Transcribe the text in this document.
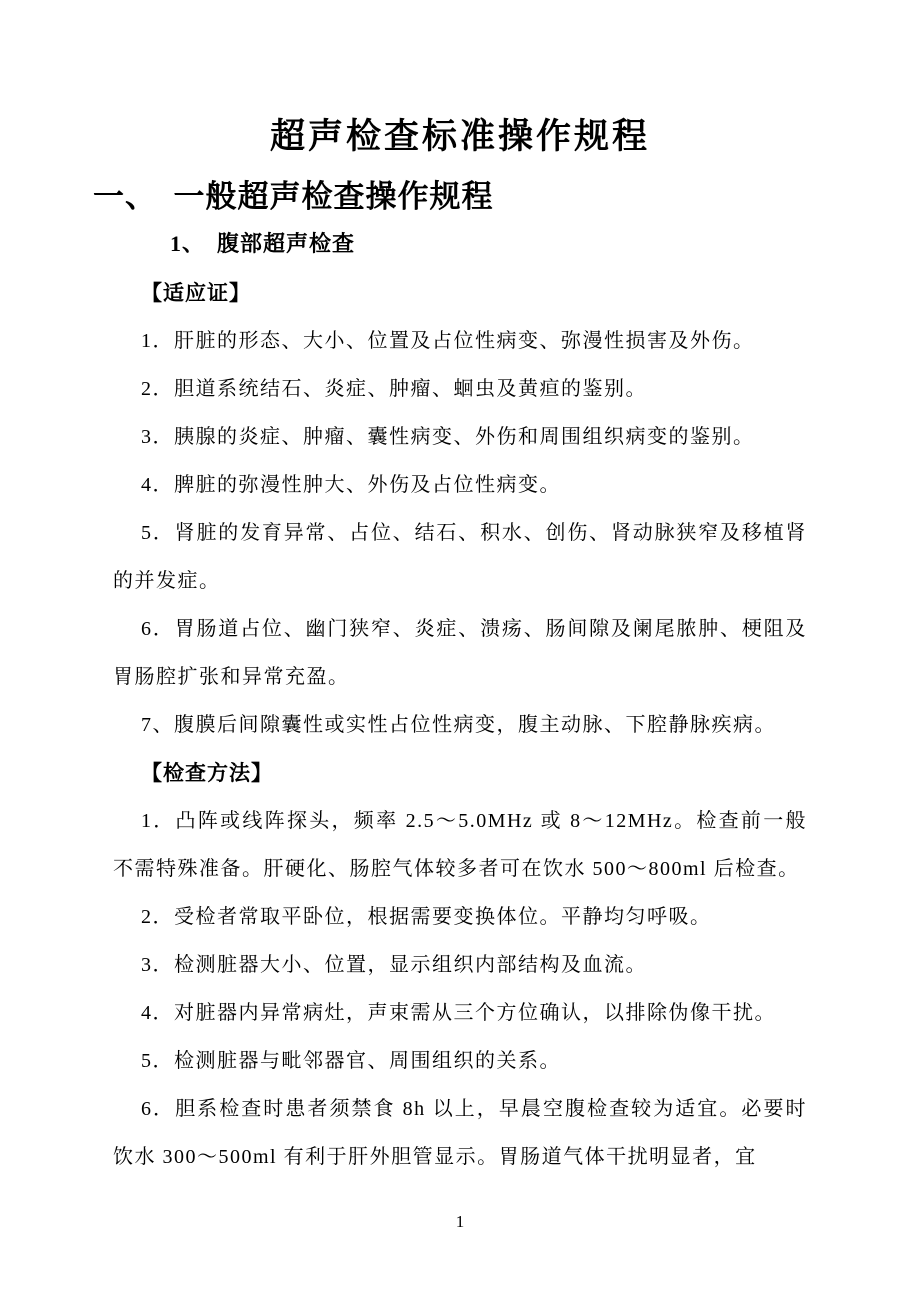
超声检查标准操作规程
一、　一般超声检查操作规程
1、　腹部超声检查
【适应证】

1．肝脏的形态、大小、位置及占位性病变、弥漫性损害及外伤。

2．胆道系统结石、炎症、肿瘤、蛔虫及黄疸的鉴别。

3．胰腺的炎症、肿瘤、囊性病变、外伤和周围组织病变的鉴别。

4．脾脏的弥漫性肿大、外伤及占位性病变。

5．肾脏的发育异常、占位、结石、积水、创伤、肾动脉狭窄及移植肾的并发症。

6．胃肠道占位、幽门狭窄、炎症、溃疡、肠间隙及阑尾脓肿、梗阻及胃肠腔扩张和异常充盈。

7、腹膜后间隙囊性或实性占位性病变，腹主动脉、下腔静脉疾病。

【检查方法】

1．凸阵或线阵探头，频率 2.5～5.0MHz 或 8～12MHz。检查前一般不需特殊准备。肝硬化、肠腔气体较多者可在饮水 500～800ml 后检查。

2．受检者常取平卧位，根据需要变换体位。平静均匀呼吸。

3．检测脏器大小、位置，显示组织内部结构及血流。

4．对脏器内异常病灶，声束需从三个方位确认，以排除伪像干扰。

5．检测脏器与毗邻器官、周围组织的关系。

6．胆系检查时患者须禁食 8h 以上，早晨空腹检查较为适宜。必要时饮水 300～500ml 有利于肝外胆管显示。胃肠道气体干扰明显者，宜

1
